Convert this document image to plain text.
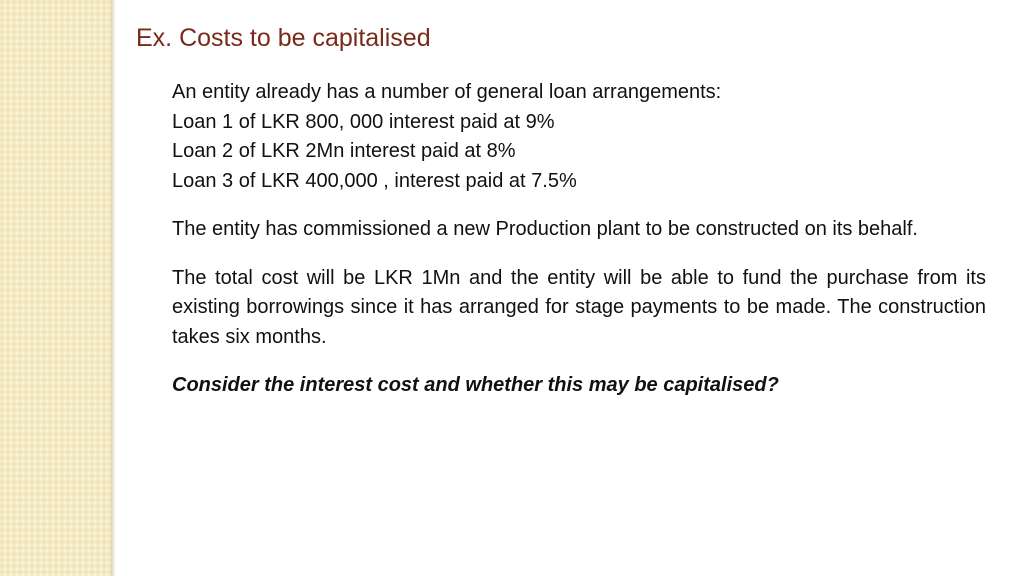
Ex. Costs to be capitalised
An entity already has a number of general loan arrangements:
Loan 1 of LKR 800, 000 interest paid at 9%
Loan 2 of LKR 2Mn interest paid at 8%
Loan 3 of LKR 400,000 , interest paid at 7.5%

The entity has commissioned a new Production plant to be constructed on its behalf.

The total cost will be LKR 1Mn and the entity will be able to fund the purchase from its existing borrowings since it has arranged for stage payments to be made. The construction takes six months.

Consider the interest cost and whether this may be capitalised?
